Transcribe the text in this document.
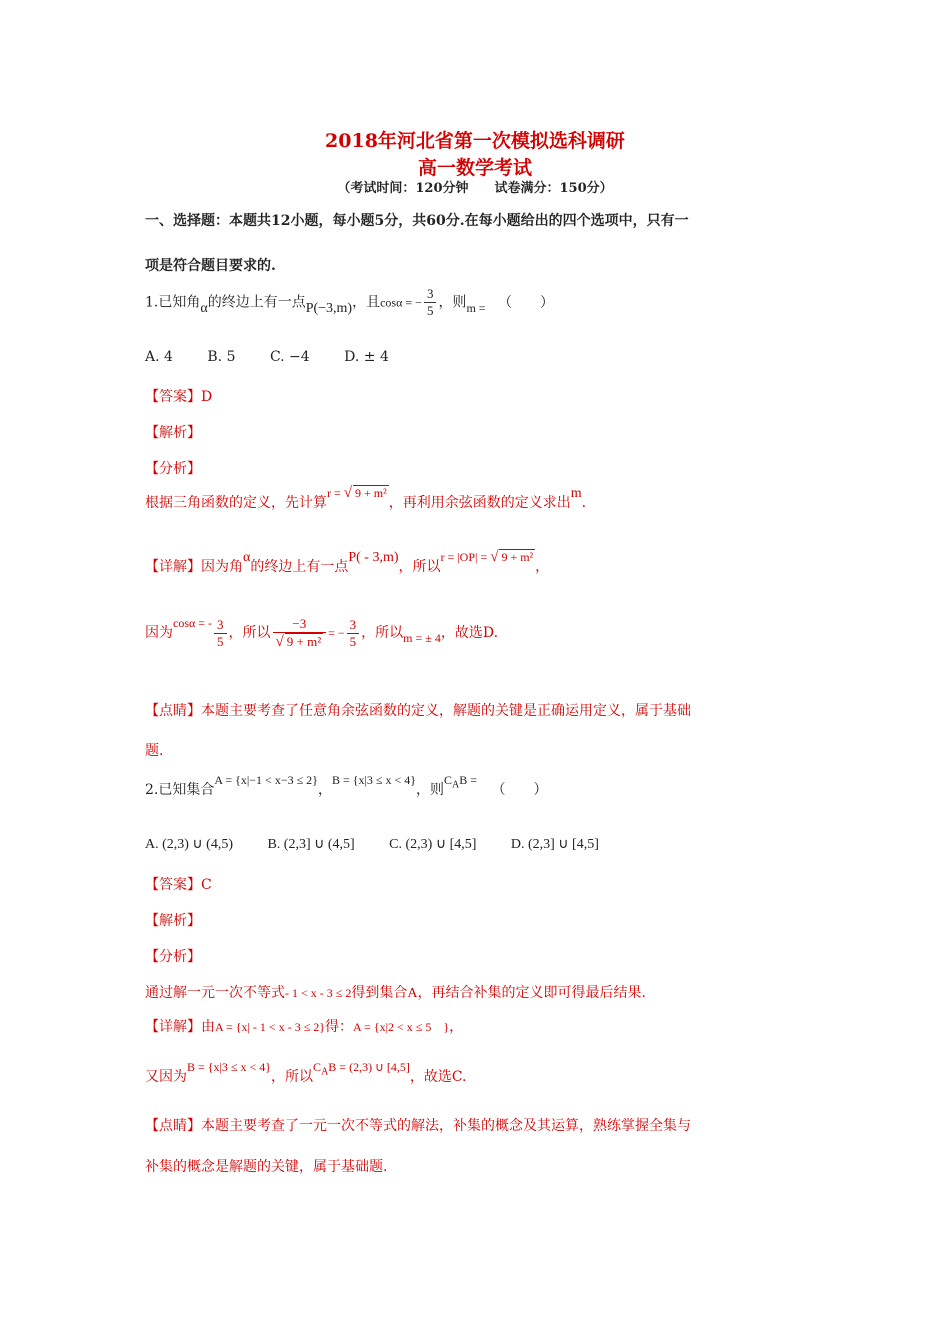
2018年河北省第一次模拟选科调研
高一数学考试
（考试时间：120分钟　　试卷满分：150分）
一、选择题：本题共12小题，每小题5分，共60分.在每小题给出的四个选项中，只有一
项是符合题目要求的.
1.已知角α的终边上有一点P(−3,m)，且cosα = − $\frac{3}{5}$ ，则m = （　　）
A. 4 B. 5 C. −4 D. ± 4
【答案】D
【解析】
【分析】
根据三角函数的定义，先计算r = √ 9 + m²，再利用余弦函数的定义求出m.
【详解】因为角α的终边上有一点P( - 3,m)，所以r = |OP| = √ 9 + m²，
因为cosα = - $\frac{3}{5}$ ，所以 $\frac{-3}{\text{√ 9 + m²}}$ = − $\frac{3}{5}$ ，所以m = ± 4，故选D.
【点睛】本题主要考查了任意角余弦函数的定义，解题的关键是正确运用定义，属于基础
题.
2.已知集合A = {x|−1 < x−3 ≤ 2}，B = {x|3 ≤ x < 4}，则$C_AB$ = （　　）
A. (2,3) ∪ (4,5) B. (2,3] ∪ (4,5] C. (2,3) ∪ [4,5] D. (2,3] ∪ [4,5]
【答案】C
【解析】
【分析】
通过解一元一次不等式- 1 < x - 3 ≤ 2得到集合A，再结合补集的定义即可得最后结果.
【详解】由A = {x| - 1 < x - 3 ≤ 2}得：A = {x|2 < x ≤ 5　}，
又因为B = {x|3 ≤ x < 4}，所以$C_AB = (2,3)$ ∪ [4,5]，故选C.
【点睛】本题主要考查了一元一次不等式的解法，补集的概念及其运算，熟练掌握全集与
补集的概念是解题的关键，属于基础题.
